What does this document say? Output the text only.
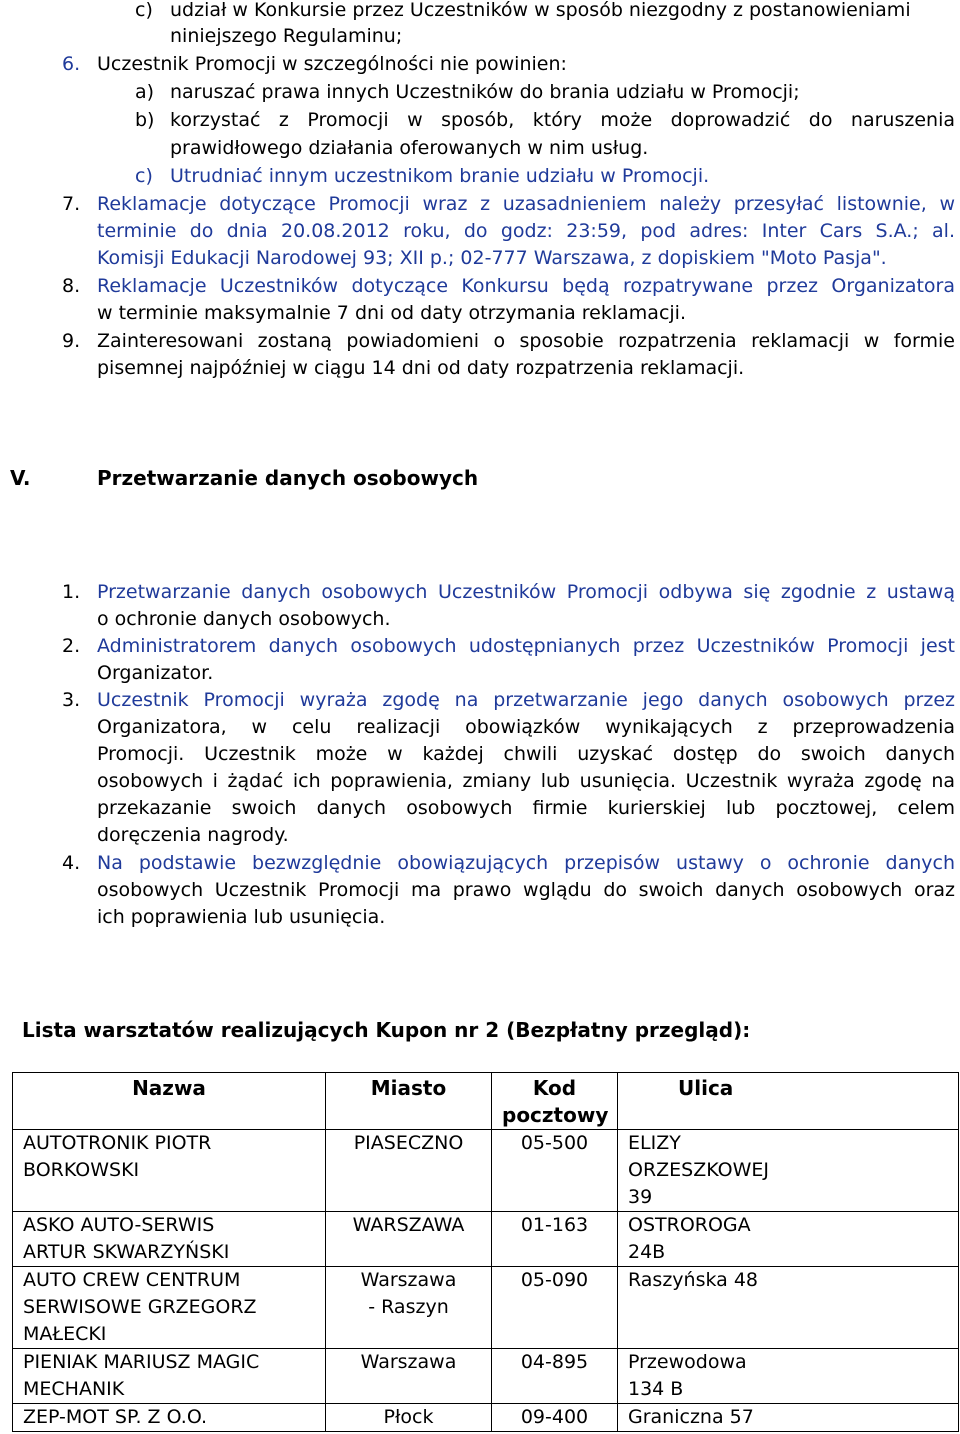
c) udział w Konkursie przez Uczestników w sposób niezgodny z postanowieniami
niniejszego Regulaminu;
6. Uczestnik Promocji w szczególności nie powinien:
a) naruszać prawa innych Uczestników do brania udziału w Promocji;
b) korzystać z Promocji w sposób, który może doprowadzić do naruszenia
prawidłowego działania oferowanych w nim usług.
c) Utrudniać innym uczestnikom branie udziału w Promocji.
7. Reklamacje dotyczące Promocji wraz z uzasadnieniem należy przesyłać listownie, w
terminie do dnia 20.08.2012 roku, do godz: 23:59, pod adres: Inter Cars S.A.; al.
Komisji Edukacji Narodowej 93; XII p.; 02-777 Warszawa, z dopiskiem "Moto Pasja".
8. Reklamacje Uczestników dotyczące Konkursu będą rozpatrywane przez Organizatora
w terminie maksymalnie 7 dni od daty otrzymania reklamacji.
9. Zainteresowani zostaną powiadomieni o sposobie rozpatrzenia reklamacji w formie
pisemnej najpóźniej w ciągu 14 dni od daty rozpatrzenia reklamacji.
V.	Przetwarzanie danych osobowych
1. Przetwarzanie danych osobowych Uczestników Promocji odbywa się zgodnie z ustawą
o ochronie danych osobowych.
2. Administratorem danych osobowych udostępnianych przez Uczestników Promocji jest
Organizator.
3. Uczestnik Promocji wyraża zgodę na przetwarzanie jego danych osobowych przez
Organizatora, w celu realizacji obowiązków wynikających z przeprowadzenia
Promocji. Uczestnik może w każdej chwili uzyskać dostęp do swoich danych
osobowych i żądać ich poprawienia, zmiany lub usunięcia. Uczestnik wyraża zgodę na
przekazanie swoich danych osobowych firmie kurierskiej lub pocztowej, celem
doręczenia nagrody.
4. Na podstawie bezwzględnie obowiązujących przepisów ustawy o ochronie danych
osobowych Uczestnik Promocji ma prawo wglądu do swoich danych osobowych oraz
ich poprawienia lub usunięcia.
Lista warsztatów realizujących Kupon nr 2 (Bezpłatny przegląd):
Nazwa	Miasto	Kod pocztowy	Ulica
AUTOTRONIK PIOTR BORKOWSKI	PIASECZNO	05-500	ELIZY ORZESZKOWEJ 39
ASKO AUTO-SERWIS ARTUR SKWARZYŃSKI	WARSZAWA	01-163	OSTROROGA 24B
AUTO CREW CENTRUM SERWISOWE GRZEGORZ MAŁECKI	Warszawa - Raszyn	05-090	Raszyńska 48
PIENIAK MARIUSZ MAGIC MECHANIK	Warszawa	04-895	Przewodowa 134 B
ZEP-MOT SP. Z O.O.	Płock	09-400	Graniczna 57
